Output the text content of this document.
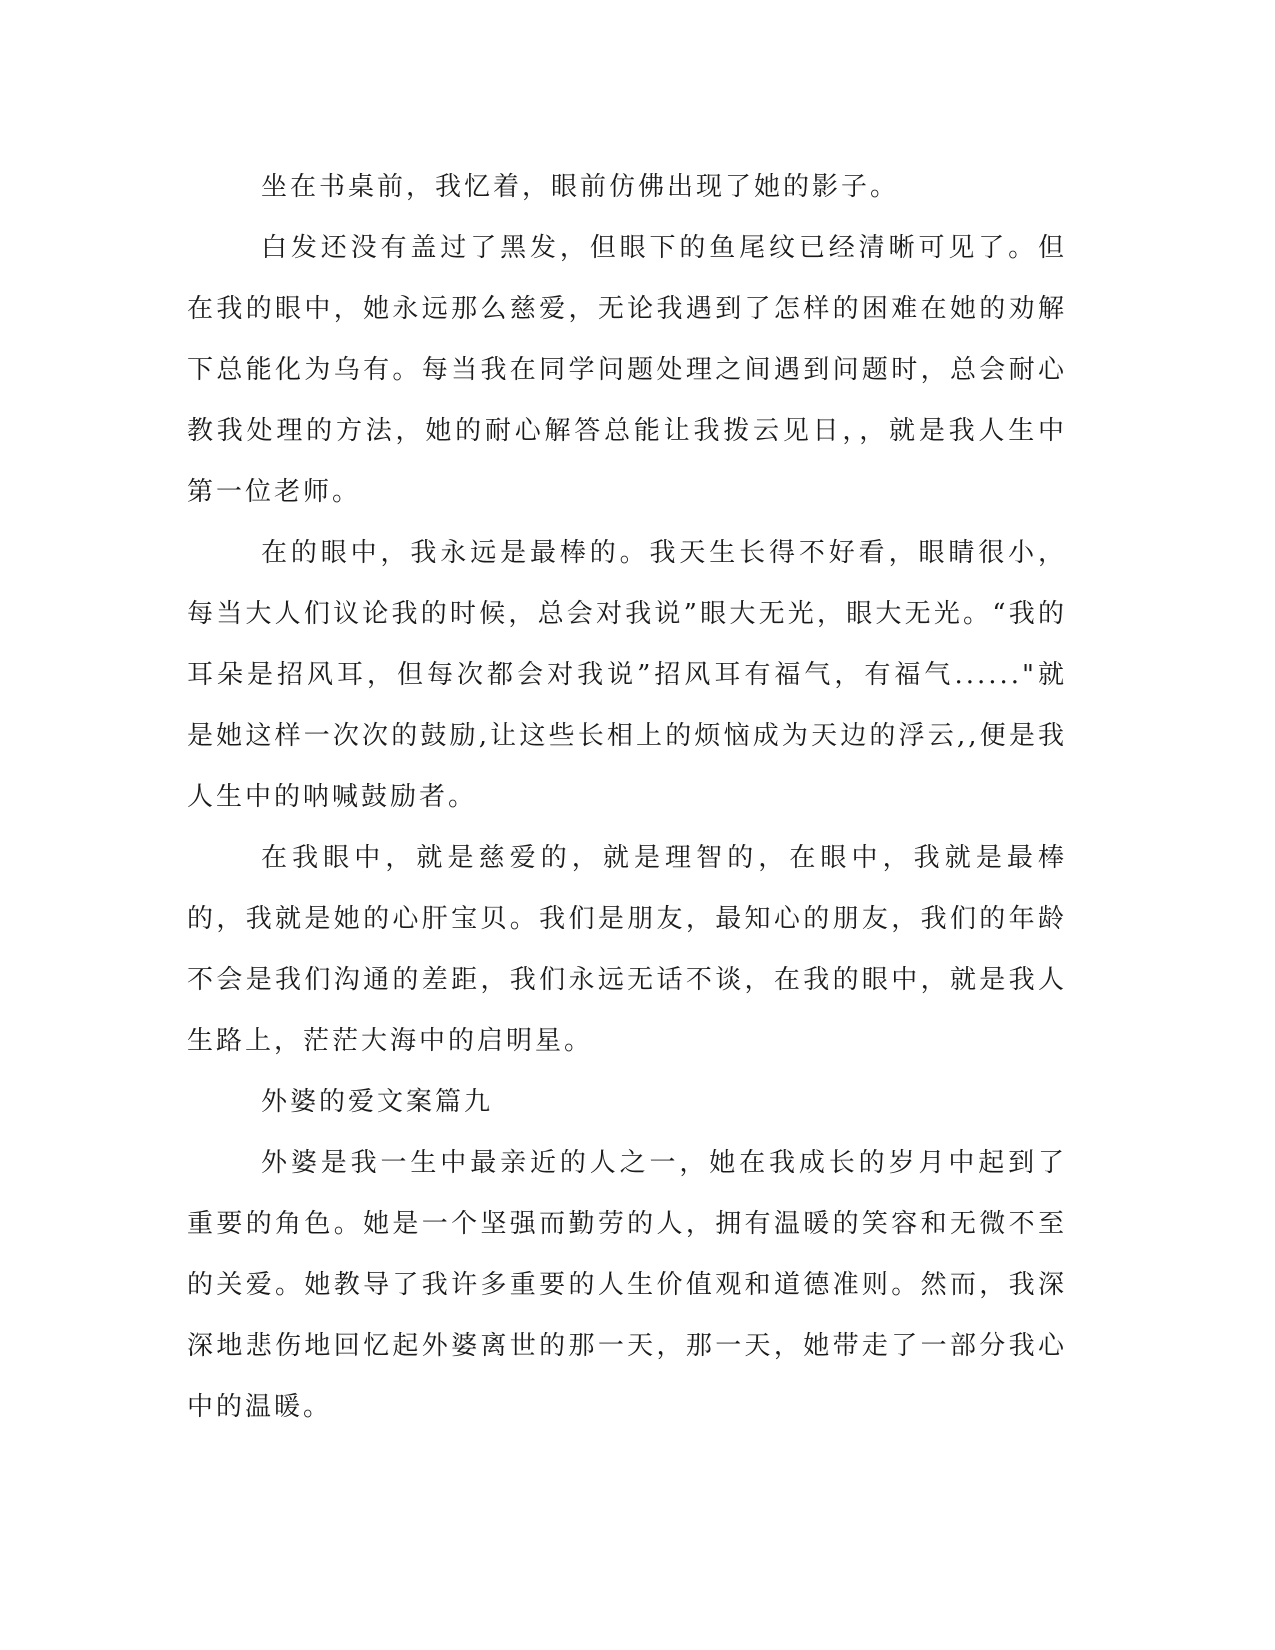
坐在书桌前，我忆着，眼前仿佛出现了她的影子。

白发还没有盖过了黑发，但眼下的鱼尾纹已经清晰可见了。但在我的眼中，她永远那么慈爱，无论我遇到了怎样的困难在她的劝解下总能化为乌有。每当我在同学问题处理之间遇到问题时，总会耐心教我处理的方法，她的耐心解答总能让我拨云见日，，就是我人生中第一位老师。

在的眼中，我永远是最棒的。我天生长得不好看，眼睛很小，每当大人们议论我的时候，总会对我说”眼大无光，眼大无光。“我的耳朵是招风耳，但每次都会对我说”招风耳有福气，有福气......"就是她这样一次次的鼓励,让这些长相上的烦恼成为天边的浮云,,便是我人生中的呐喊鼓励者。

在我眼中，就是慈爱的，就是理智的，在眼中，我就是最棒的，我就是她的心肝宝贝。我们是朋友，最知心的朋友，我们的年龄不会是我们沟通的差距，我们永远无话不谈，在我的眼中，就是我人生路上，茫茫大海中的启明星。

外婆的爱文案篇九

外婆是我一生中最亲近的人之一，她在我成长的岁月中起到了重要的角色。她是一个坚强而勤劳的人，拥有温暖的笑容和无微不至的关爱。她教导了我许多重要的人生价值观和道德准则。然而，我深深地悲伤地回忆起外婆离世的那一天，那一天，她带走了一部分我心中的温暖。
